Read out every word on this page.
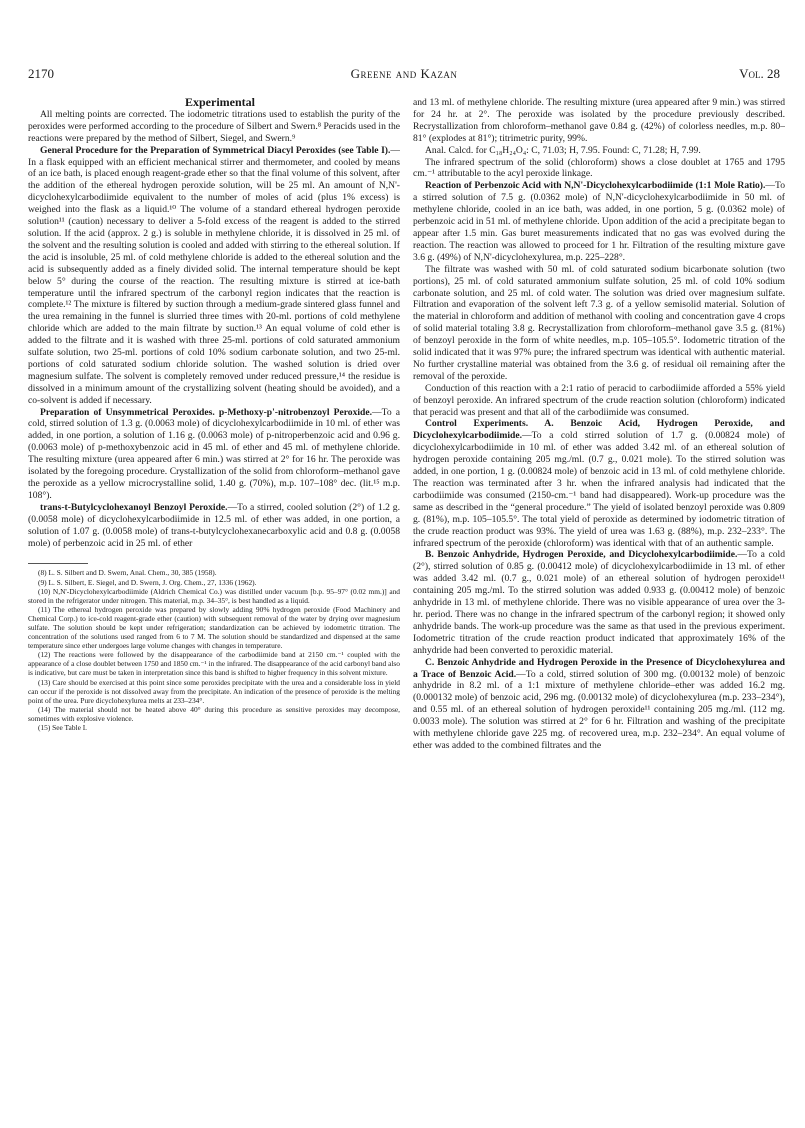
2170	Greene and Kazan	Vol. 28

Experimental

All melting points are corrected. The iodometric titrations used to establish the purity of the peroxides were performed according to the procedure of Silbert and Swern.⁸ Peracids used in the reactions were prepared by the method of Silbert, Siegel, and Swern.⁹

General Procedure for the Preparation of Symmetrical Diacyl Peroxides (see Table I).—In a flask equipped with an efficient mechanical stirrer and thermometer, and cooled by means of an ice bath, is placed enough reagent-grade ether so that the final volume of this solvent, after the addition of the ethereal hydrogen peroxide solution, will be 25 ml. An amount of N,N'-dicyclohexylcarbodiimide equivalent to the number of moles of acid (plus 1% excess) is weighed into the flask as a liquid.¹⁰ The volume of a standard ethereal hydrogen peroxide solution¹¹ (caution) necessary to deliver a 5-fold excess of the reagent is added to the stirred solution. If the acid (approx. 2 g.) is soluble in methylene chloride, it is dissolved in 25 ml. of the solvent and the resulting solution is cooled and added with stirring to the ethereal solution. If the acid is insoluble, 25 ml. of cold methylene chloride is added to the ethereal solution and the acid is subsequently added as a finely divided solid. The internal temperature should be kept below 5° during the course of the reaction. The resulting mixture is stirred at ice-bath temperature until the infrared spectrum of the carbonyl region indicates that the reaction is complete.¹² The mixture is filtered by suction through a medium-grade sintered glass funnel and the urea remaining in the funnel is slurried three times with 20-ml. portions of cold methylene chloride which are added to the main filtrate by suction.¹³ An equal volume of cold ether is added to the filtrate and it is washed with three 25-ml. portions of cold saturated ammonium sulfate solution, two 25-ml. portions of cold 10% sodium carbonate solution, and two 25-ml. portions of cold saturated sodium chloride solution. The washed solution is dried over magnesium sulfate. The solvent is completely removed under reduced pressure,¹⁴ the residue is dissolved in a minimum amount of the crystallizing solvent (heating should be avoided), and a co-solvent is added if necessary.

Preparation of Unsymmetrical Peroxides. p-Methoxy-p'-nitrobenzoyl Peroxide.—To a cold, stirred solution of 1.3 g. (0.0063 mole) of dicyclohexylcarbodiimide in 10 ml. of ether was added, in one portion, a solution of 1.16 g. (0.0063 mole) of p-nitroperbenzoic acid and 0.96 g. (0.0063 mole) of p-methoxybenzoic acid in 45 ml. of ether and 45 ml. of methylene chloride. The resulting mixture (urea appeared after 6 min.) was stirred at 2° for 16 hr. The peroxide was isolated by the foregoing procedure. Crystallization of the solid from chloroform–methanol gave the peroxide as a yellow microcrystalline solid, 1.40 g. (70%), m.p. 107–108° dec. (lit.¹⁵ m.p. 108°).

trans-t-Butylcyclohexanoyl Benzoyl Peroxide.—To a stirred, cooled solution (2°) of 1.2 g. (0.0058 mole) of dicyclohexylcarbodiimide in 12.5 ml. of ether was added, in one portion, a solution of 1.07 g. (0.0058 mole) of trans-t-butylcyclohexanecarboxylic acid and 0.8 g. (0.0058 mole) of perbenzoic acid in 25 ml. of ether

(8) L. S. Silbert and D. Swern, Anal. Chem., 30, 385 (1958).

(9) L. S. Silbert, E. Siegel, and D. Swern, J. Org. Chem., 27, 1336 (1962).

(10) N,N'-Dicyclohexylcarbodiimide (Aldrich Chemical Co.) was distilled under vacuum [b.p. 95–97° (0.02 mm.)] and stored in the refrigerator under nitrogen. This material, m.p. 34–35°, is best handled as a liquid.

(11) The ethereal hydrogen peroxide was prepared by slowly adding 90% hydrogen peroxide (Food Machinery and Chemical Corp.) to ice-cold reagent-grade ether (caution) with subsequent removal of the water by drying over magnesium sulfate. The solution should be kept under refrigeration; standardization can be achieved by iodometric titration. The concentration of the solutions used ranged from 6 to 7 M. The solution should be standardized and dispensed at the same temperature since ether undergoes large volume changes with changes in temperature.

(12) The reactions were followed by the disappearance of the carbodiimide band at 2150 cm.⁻¹ coupled with the appearance of a close doublet between 1750 and 1850 cm.⁻¹ in the infrared. The disappearance of the acid carbonyl band also is indicative, but care must be taken in interpretation since this band is shifted to higher frequency in this solvent mixture.

(13) Care should be exercised at this point since some peroxides precipitate with the urea and a considerable loss in yield can occur if the peroxide is not dissolved away from the precipitate. An indication of the presence of peroxide is the melting point of the urea. Pure dicyclohexylurea melts at 233–234°.

(14) The material should not be heated above 40° during this procedure as sensitive peroxides may decompose, sometimes with explosive violence.

(15) See Table I.

and 13 ml. of methylene chloride. The resulting mixture (urea appeared after 9 min.) was stirred for 24 hr. at 2°. The peroxide was isolated by the procedure previously described. Recrystallization from chloroform–methanol gave 0.84 g. (42%) of colorless needles, m.p. 80–81° (explodes at 81°); titrimetric purity, 99%.

Anal. Calcd. for C₁₈H₂₄O₄: C, 71.03; H, 7.95. Found: C, 71.28; H, 7.99.

The infrared spectrum of the solid (chloroform) shows a close doublet at 1765 and 1795 cm.⁻¹ attributable to the acyl peroxide linkage.

Reaction of Perbenzoic Acid with N,N'-Dicyclohexylcarbodiimide (1:1 Mole Ratio).—To a stirred solution of 7.5 g. (0.0362 mole) of N,N'-dicyclohexylcarbodiimide in 50 ml. of methylene chloride, cooled in an ice bath, was added, in one portion, 5 g. (0.0362 mole) of perbenzoic acid in 51 ml. of methylene chloride. Upon addition of the acid a precipitate began to appear after 1.5 min. Gas buret measurements indicated that no gas was evolved during the reaction. The reaction was allowed to proceed for 1 hr. Filtration of the resulting mixture gave 3.6 g. (49%) of N,N'-dicyclohexylurea, m.p. 225–228°.

The filtrate was washed with 50 ml. of cold saturated sodium bicarbonate solution (two portions), 25 ml. of cold saturated ammonium sulfate solution, 25 ml. of cold 10% sodium carbonate solution, and 25 ml. of cold water. The solution was dried over magnesium sulfate. Filtration and evaporation of the solvent left 7.3 g. of a yellow semisolid material. Solution of the material in chloroform and addition of methanol with cooling and concentration gave 4 crops of solid material totaling 3.8 g. Recrystallization from chloroform–methanol gave 3.5 g. (81%) of benzoyl peroxide in the form of white needles, m.p. 105–105.5°. Iodometric titration of the solid indicated that it was 97% pure; the infrared spectrum was identical with authentic material. No further crystalline material was obtained from the 3.6 g. of residual oil remaining after the removal of the peroxide.

Conduction of this reaction with a 2:1 ratio of peracid to carbodiimide afforded a 55% yield of benzoyl peroxide. An infrared spectrum of the crude reaction solution (chloroform) indicated that peracid was present and that all of the carbodiimide was consumed.

Control Experiments. A. Benzoic Acid, Hydrogen Peroxide, and Dicyclohexylcarbodiimide.—To a cold stirred solution of 1.7 g. (0.00824 mole) of dicyclohexylcarbodiimide in 10 ml. of ether was added 3.42 ml. of an ethereal solution of hydrogen peroxide containing 205 mg./ml. (0.7 g., 0.021 mole). To the stirred solution was added, in one portion, 1 g. (0.00824 mole) of benzoic acid in 13 ml. of cold methylene chloride. The reaction was terminated after 3 hr. when the infrared analysis had indicated that the carbodiimide was consumed (2150-cm.⁻¹ band had disappeared). Work-up procedure was the same as described in the “general procedure.” The yield of isolated benzoyl peroxide was 0.809 g. (81%), m.p. 105–105.5°. The total yield of peroxide as determined by iodometric titration of the crude reaction product was 93%. The yield of urea was 1.63 g. (88%), m.p. 232–233°. The infrared spectrum of the peroxide (chloroform) was identical with that of an authentic sample.

B. Benzoic Anhydride, Hydrogen Peroxide, and Dicyclohexylcarbodiimide.—To a cold (2°), stirred solution of 0.85 g. (0.00412 mole) of dicyclohexylcarbodiimide in 13 ml. of ether was added 3.42 ml. (0.7 g., 0.021 mole) of an ethereal solution of hydrogen peroxide¹¹ containing 205 mg./ml. To the stirred solution was added 0.933 g. (0.00412 mole) of benzoic anhydride in 13 ml. of methylene chloride. There was no visible appearance of urea over the 3-hr. period. There was no change in the infrared spectrum of the carbonyl region; it showed only anhydride bands. The work-up procedure was the same as that used in the previous experiment. Iodometric titration of the crude reaction product indicated that approximately 16% of the anhydride had been converted to peroxidic material.

C. Benzoic Anhydride and Hydrogen Peroxide in the Presence of Dicyclohexylurea and a Trace of Benzoic Acid.—To a cold, stirred solution of 300 mg. (0.00132 mole) of benzoic anhydride in 8.2 ml. of a 1:1 mixture of methylene chloride–ether was added 16.2 mg. (0.000132 mole) of benzoic acid, 296 mg. (0.00132 mole) of dicyclohexylurea (m.p. 233–234°), and 0.55 ml. of an ethereal solution of hydrogen peroxide¹¹ containing 205 mg./ml. (112 mg. 0.0033 mole). The solution was stirred at 2° for 6 hr. Filtration and washing of the precipitate with methylene chloride gave 225 mg. of recovered urea, m.p. 232–234°. An equal volume of ether was added to the combined filtrates and the
